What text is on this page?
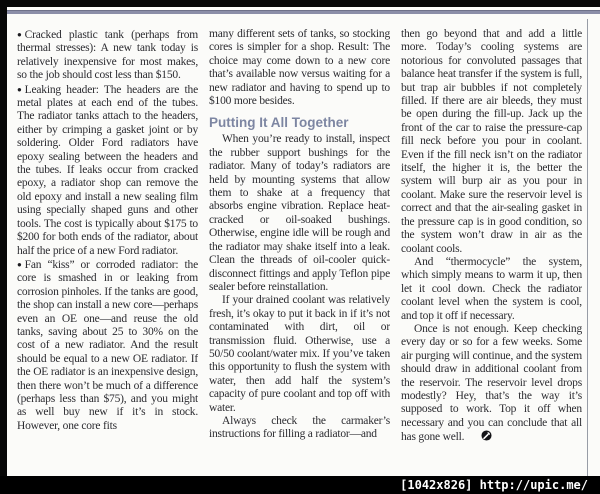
● Cracked plastic tank (perhaps from thermal stresses): A new tank today is relatively inexpensive for most makes, so the job should cost less than $150.

● Leaking header: The headers are the metal plates at each end of the tubes. The radiator tanks attach to the headers, either by crimping a gasket joint or by soldering. Older Ford radiators have epoxy sealing between the headers and the tubes. If leaks occur from cracked epoxy, a radiator shop can remove the old epoxy and install a new sealing film using specially shaped guns and other tools. The cost is typically about $175 to $200 for both ends of the radiator, about half the price of a new Ford radiator.

● Fan “kiss” or corroded radiator: the core is smashed in or leaking from corrosion pinholes. If the tanks are good, the shop can install a new core—perhaps even an OE one—and reuse the old tanks, saving about 25 to 30% on the cost of a new radiator. And the result should be equal to a new OE radiator. If the OE radiator is an inexpensive design, then there won’t be much of a difference (perhaps less than $75), and you might as well buy new if it’s in stock. However, one core fits

many different sets of tanks, so stocking cores is simpler for a shop. Result: The choice may come down to a new core that’s available now versus waiting for a new radiator and having to spend up to $100 more besides.

Putting It All Together

When you’re ready to install, inspect the rubber support bushings for the radiator. Many of today’s radiators are held by mounting systems that allow them to shake at a frequency that absorbs engine vibration. Replace heat-cracked or oil-soaked bushings. Otherwise, engine idle will be rough and the radiator may shake itself into a leak. Clean the threads of oil-cooler quick-disconnect fittings and apply Teflon pipe sealer before reinstallation.

If your drained coolant was relatively fresh, it’s okay to put it back in if it’s not contaminated with dirt, oil or transmission fluid. Otherwise, use a 50/50 coolant/water mix. If you’ve taken this opportunity to flush the system with water, then add half the system’s capacity of pure coolant and top off with water.

Always check the carmaker’s instructions for filling a radiator—and

then go beyond that and add a little more. Today’s cooling systems are notorious for convoluted passages that balance heat transfer if the system is full, but trap air bubbles if not completely filled. If there are air bleeds, they must be open during the fill-up. Jack up the front of the car to raise the pressure-cap fill neck before you pour in coolant. Even if the fill neck isn’t on the radiator itself, the higher it is, the better the system will burp air as you pour in coolant. Make sure the reservoir level is correct and that the air-sealing gasket in the pressure cap is in good condition, so the system won’t draw in air as the coolant cools.

And “thermocycle” the system, which simply means to warm it up, then let it cool down. Check the radiator coolant level when the system is cool, and top it off if necessary.

Once is not enough. Keep checking every day or so for a few weeks. Some air purging will continue, and the system should draw in additional coolant from the reservoir. The reservoir level drops modestly? Hey, that’s the way it’s supposed to work. Top it off when necessary and you can conclude that all has gone well.

[1042x826] http://upic.me/
